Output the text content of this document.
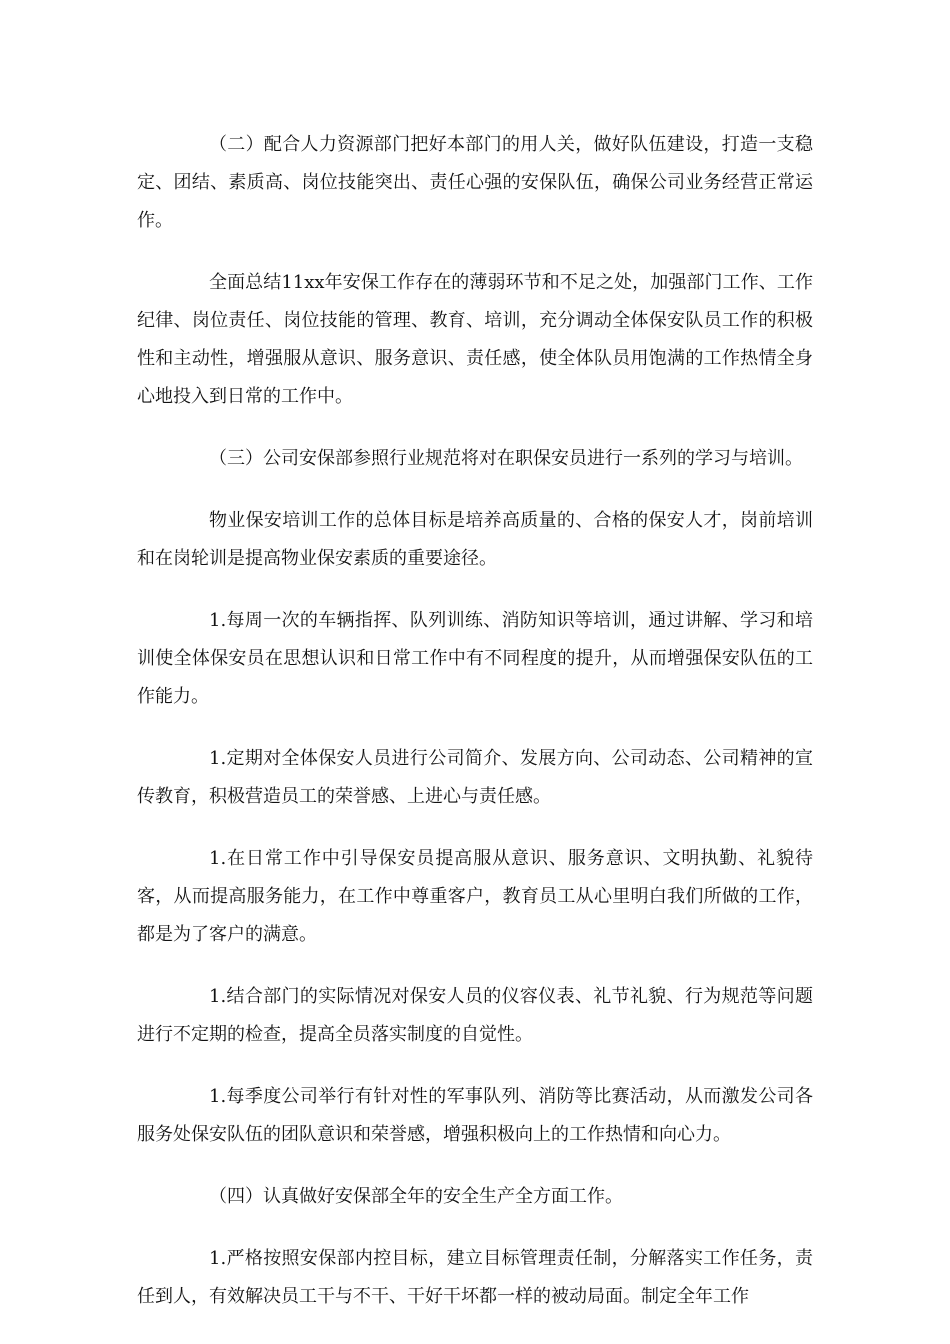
（二）配合人力资源部门把好本部门的用人关，做好队伍建设，打造一支稳定、团结、素质高、岗位技能突出、责任心强的安保队伍，确保公司业务经营正常运作。

全面总结11xx年安保工作存在的薄弱环节和不足之处，加强部门工作、工作纪律、岗位责任、岗位技能的管理、教育、培训，充分调动全体保安队员工作的积极性和主动性，增强服从意识、服务意识、责任感，使全体队员用饱满的工作热情全身心地投入到日常的工作中。

（三）公司安保部参照行业规范将对在职保安员进行一系列的学习与培训。

物业保安培训工作的总体目标是培养高质量的、合格的保安人才，岗前培训和在岗轮训是提高物业保安素质的重要途径。

1.每周一次的车辆指挥、队列训练、消防知识等培训，通过讲解、学习和培训使全体保安员在思想认识和日常工作中有不同程度的提升，从而增强保安队伍的工作能力。

1.定期对全体保安人员进行公司简介、发展方向、公司动态、公司精神的宣传教育，积极营造员工的荣誉感、上进心与责任感。

1.在日常工作中引导保安员提高服从意识、服务意识、文明执勤、礼貌待客，从而提高服务能力，在工作中尊重客户，教育员工从心里明白我们所做的工作，都是为了客户的满意。

1.结合部门的实际情况对保安人员的仪容仪表、礼节礼貌、行为规范等问题进行不定期的检查，提高全员落实制度的自觉性。

1.每季度公司举行有针对性的军事队列、消防等比赛活动，从而激发公司各服务处保安队伍的团队意识和荣誉感，增强积极向上的工作热情和向心力。

（四）认真做好安保部全年的安全生产全方面工作。

1.严格按照安保部内控目标，建立目标管理责任制，分解落实工作任务，责任到人，有效解决员工干与不干、干好干坏都一样的被动局面。制定全年工作
